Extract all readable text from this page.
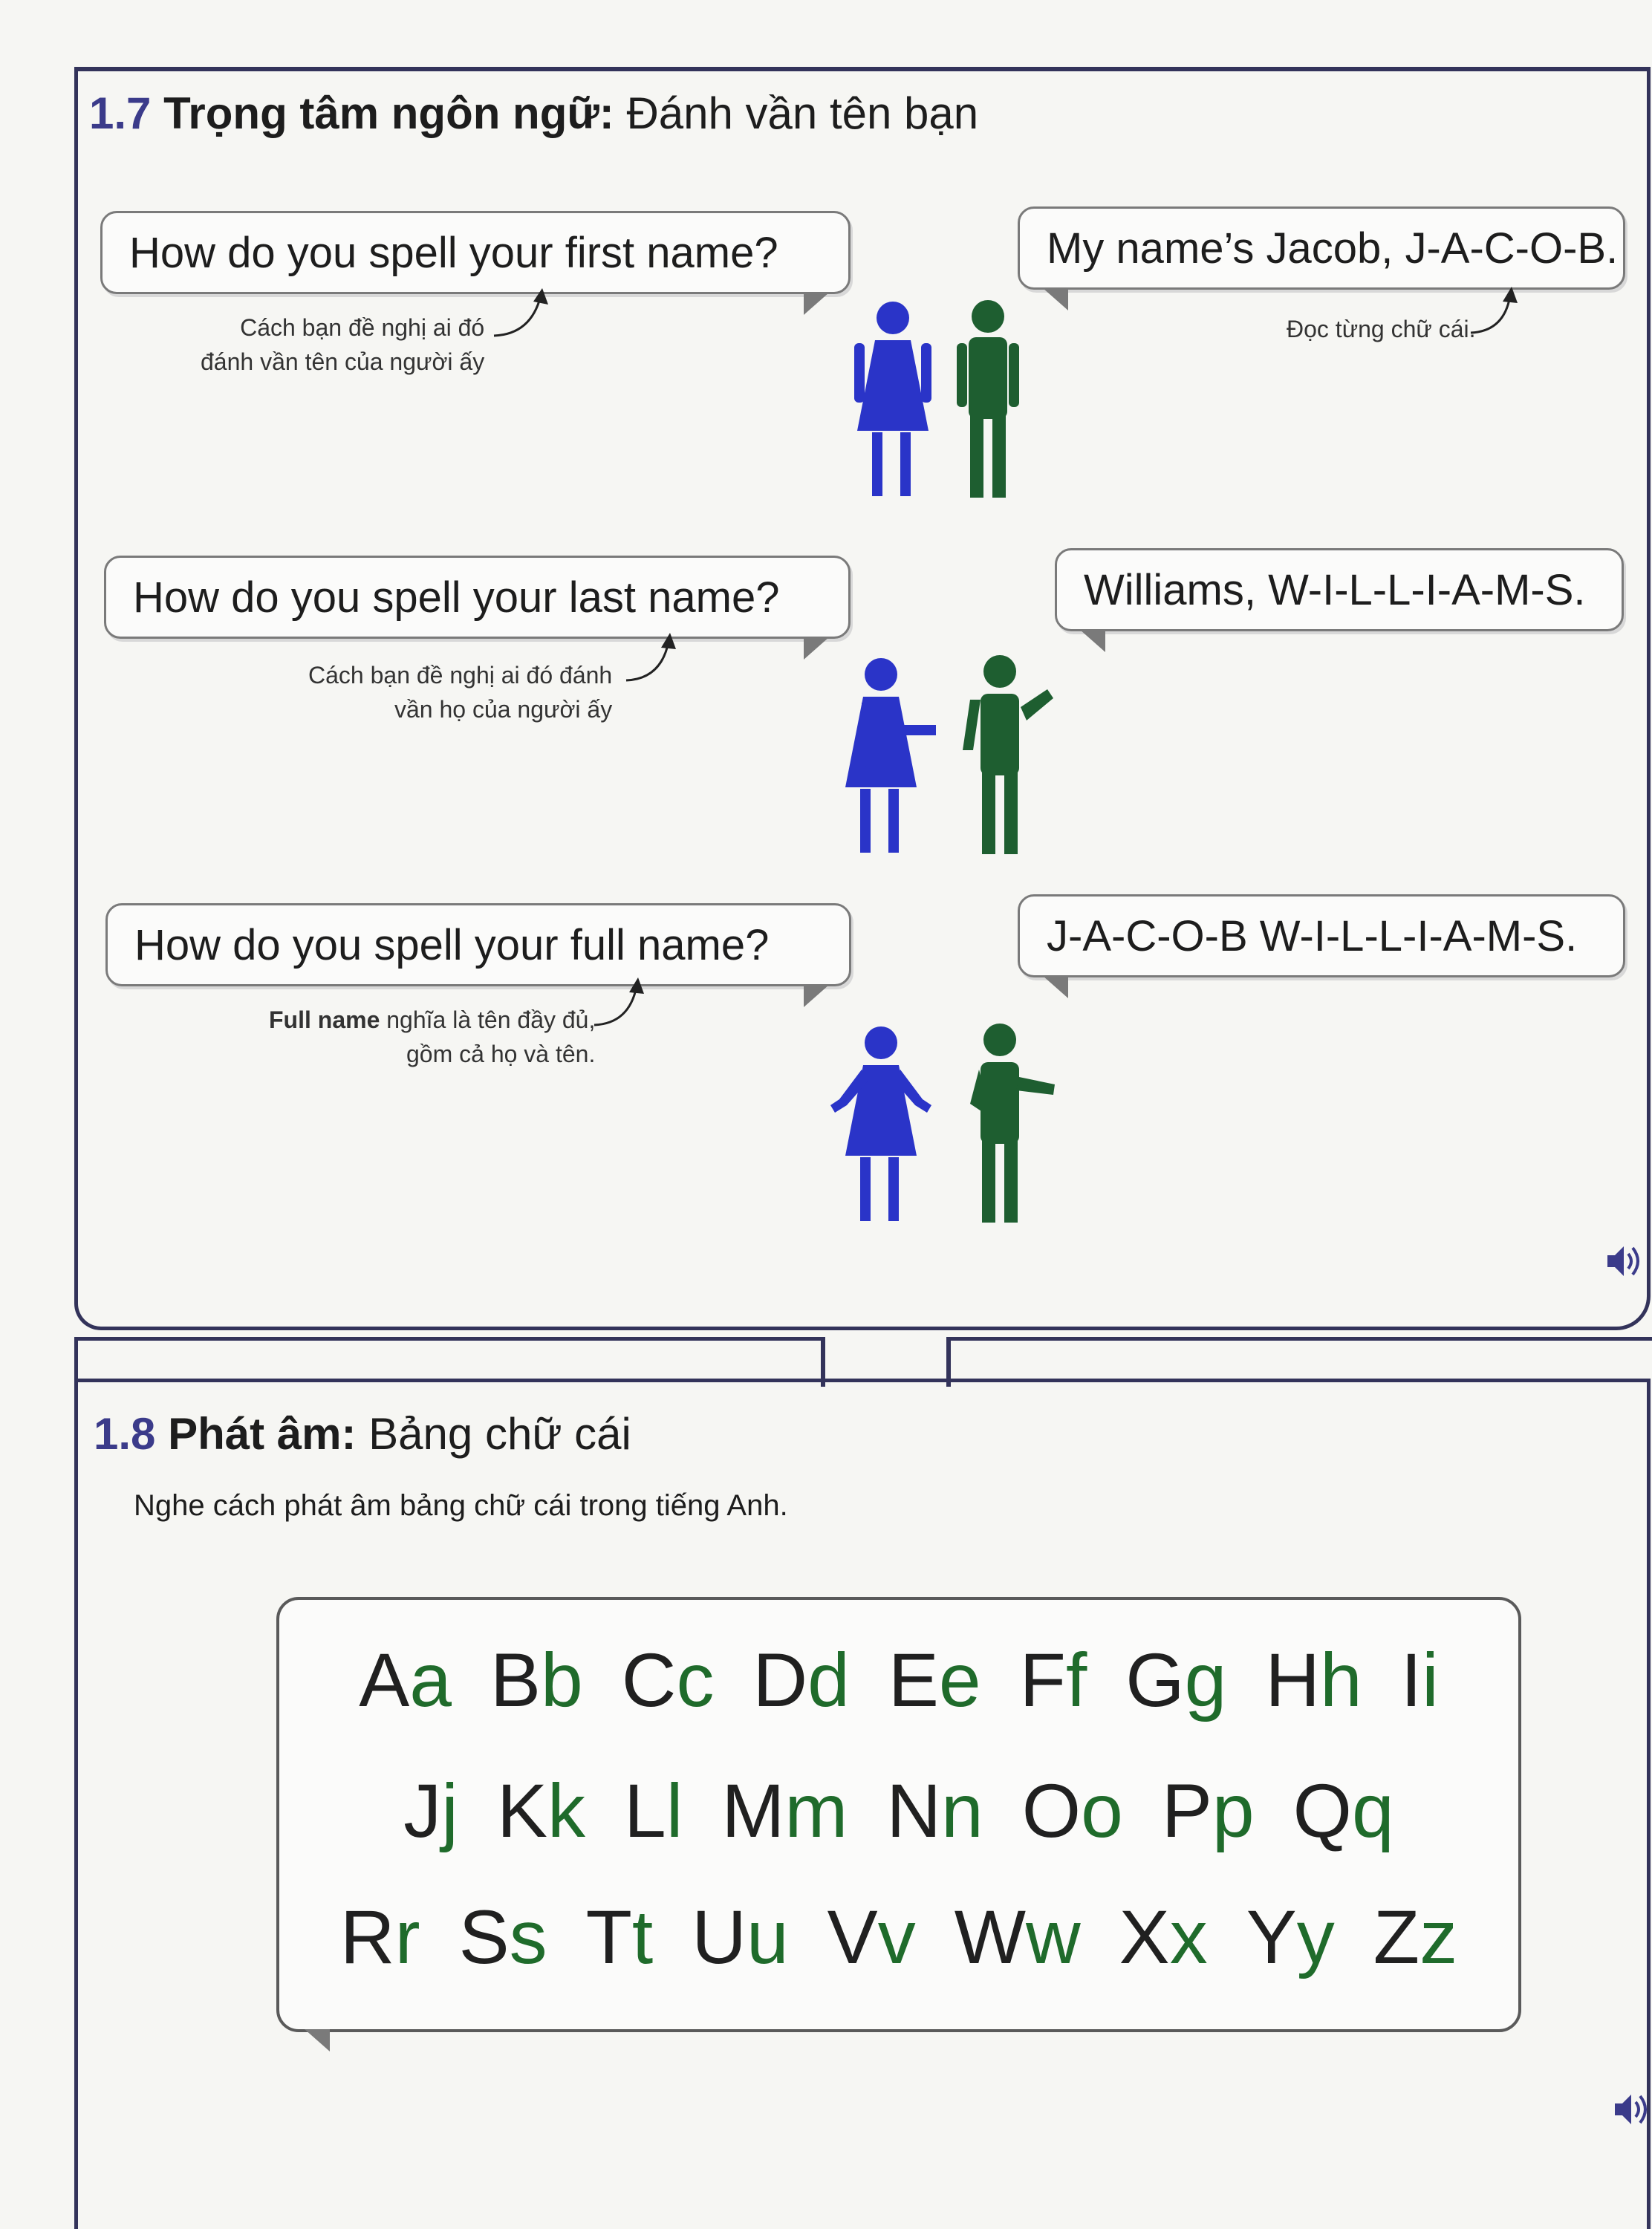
1.7 Trọng tâm ngôn ngữ: Đánh vần tên bạn
How do you spell your first name?
Cách bạn đề nghị ai đó
đánh vần tên của người ấy
My name’s Jacob, J-A-C-O-B.
Đọc từng chữ cái.
How do you spell your last name?
Cách bạn đề nghị ai đó đánh
vần họ của người ấy
Williams, W-I-L-L-I-A-M-S.
How do you spell your full name?
Full name nghĩa là tên đầy đủ,
gồm cả họ và tên.
J-A-C-O-B W-I-L-L-I-A-M-S.
1.8 Phát âm: Bảng chữ cái
Nghe cách phát âm bảng chữ cái trong tiếng Anh.
Aa Bb Cc Dd Ee Ff Gg Hh Ii
Jj Kk Ll Mm Nn Oo Pp Qq
Rr Ss Tt Uu Vv Ww Xx Yy Zz
